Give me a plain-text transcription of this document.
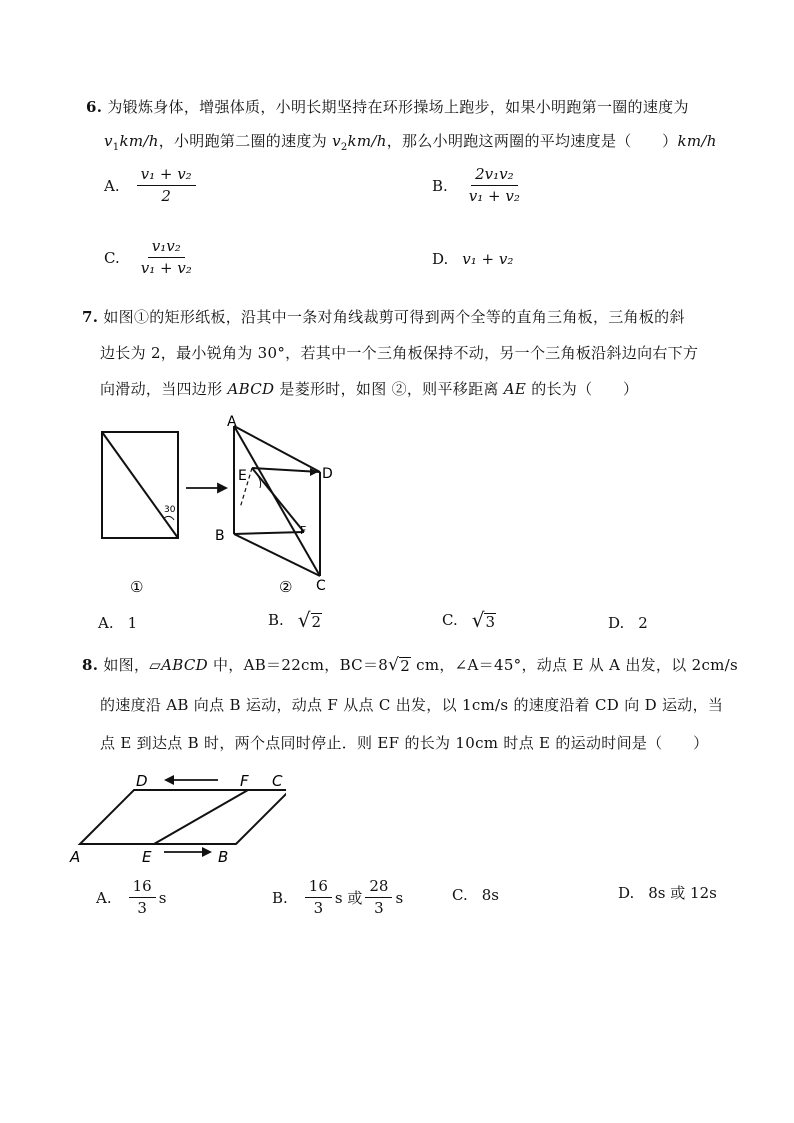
6. 为锻炼身体，增强体质，小明长期坚持在环形操场上跑步，如果小明跑第一圈的速度为
$v_1km/h$，小明跑第二圈的速度为 $v_2km/h$，那么小明跑这两圈的平均速度是（　　）km/h
A. $\frac{\text{v₁ + v₂}}{2}$	B. $\frac{\text{2v₁v₂}}{\text{v₁ + v₂}}$
C. $\frac{\text{v₁v₂}}{\text{v₁ + v₂}}$	D. v₁ + v₂
7. 如图①的矩形纸板，沿其中一条对角线裁剪可得到两个全等的直角三角板，三角板的斜
边长为 2，最小锐角为 30°，若其中一个三角板保持不动，另一个三角板沿斜边向右下方
向滑动，当四边形 ABCD 是菱形时，如图 ②，则平移距离 AE 的长为（　　）
30
A
B
C
D
E
F
①	②
A. 1	B. √ 2	C. √ 3	D. 2
8. 如图，▱ABCD 中，AB＝22cm，BC＝8 √ 2 cm，∠A＝45°，动点 E 从 A 出发，以 2cm/s
的速度沿 AB 向点 B 运动，动点 F 从点 C 出发，以 1cm/s 的速度沿着 CD 向 D 运动，当
点 E 到达点 B 时，两个点同时停止．则 EF 的长为 10cm 时点 E 的运动时间是（　　）
A	B
C
D
E
F
A. $\frac{16}{3}$ s	B. $\frac{16}{3}$ s 或 $\frac{28}{3}$ s	C. 8s	D. 8s 或 12s
